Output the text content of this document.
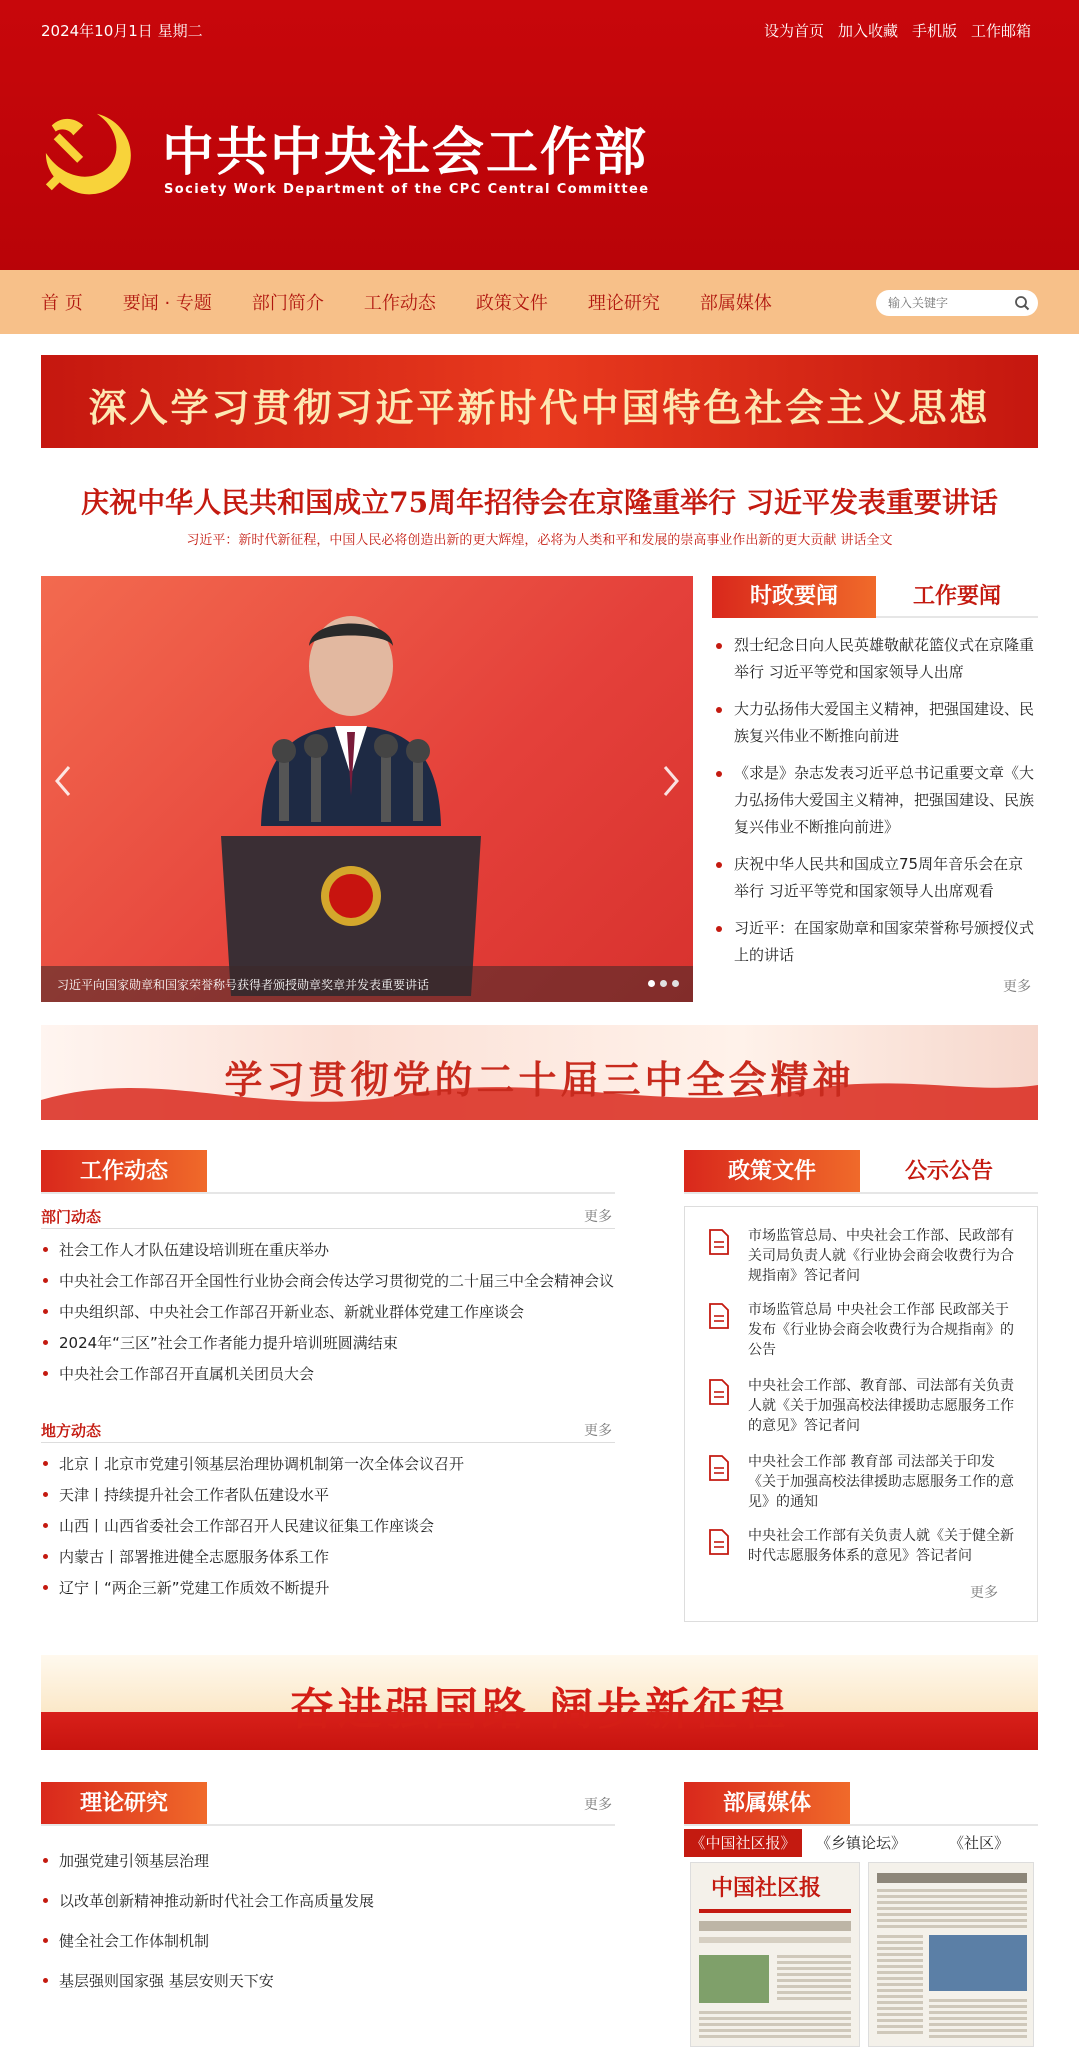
2024年10月1日 星期二	设为首页 加入收藏 手机版 工作邮箱
中共中央社会工作部
Society Work Department of the CPC Central Committee
首 页 要闻 · 专题 部门简介 工作动态 政策文件 理论研究 部属媒体
输入关键字
深入学习贯彻习近平新时代中国特色社会主义思想
庆祝中华人民共和国成立75周年招待会在京隆重举行 习近平发表重要讲话
习近平：新时代新征程，中国人民必将创造出新的更大辉煌，必将为人类和平和发展的崇高事业作出新的更大贡献 讲话全文
习近平向国家勋章和国家荣誉称号获得者颁授勋章奖章并发表重要讲话
时政要闻	工作要闻
烈士纪念日向人民英雄敬献花篮仪式在京隆重举行 习近平等党和国家领导人出席
大力弘扬伟大爱国主义精神，把强国建设、民族复兴伟业不断推向前进
《求是》杂志发表习近平总书记重要文章《大力弘扬伟大爱国主义精神，把强国建设、民族复兴伟业不断推向前进》
庆祝中华人民共和国成立75周年音乐会在京举行 习近平等党和国家领导人出席观看
习近平：在国家勋章和国家荣誉称号颁授仪式上的讲话
更多
学习贯彻党的二十届三中全会精神
工作动态
部门动态	更多
社会工作人才队伍建设培训班在重庆举办
中央社会工作部召开全国性行业协会商会传达学习贯彻党的二十届三中全会精神会议
中央组织部、中央社会工作部召开新业态、新就业群体党建工作座谈会
2024年“三区”社会工作者能力提升培训班圆满结束
中央社会工作部召开直属机关团员大会
地方动态	更多
北京丨北京市党建引领基层治理协调机制第一次全体会议召开
天津丨持续提升社会工作者队伍建设水平
山西丨山西省委社会工作部召开人民建议征集工作座谈会
内蒙古丨部署推进健全志愿服务体系工作
辽宁丨“两企三新”党建工作质效不断提升
政策文件	公示公告
市场监管总局、中央社会工作部、民政部有关司局负责人就《行业协会商会收费行为合规指南》答记者问
市场监管总局 中央社会工作部 民政部关于发布《行业协会商会收费行为合规指南》的公告
中央社会工作部、教育部、司法部有关负责人就《关于加强高校法律援助志愿服务工作的意见》答记者问
中央社会工作部 教育部 司法部关于印发《关于加强高校法律援助志愿服务工作的意见》的通知
中央社会工作部有关负责人就《关于健全新时代志愿服务体系的意见》答记者问
更多
奋进强国路 阔步新征程
理论研究	更多
加强党建引领基层治理
以改革创新精神推动新时代社会工作高质量发展
健全社会工作体制机制
基层强则国家强 基层安则天下安
部属媒体
《中国社区报》	《乡镇论坛》	《社区》
中国社区报
